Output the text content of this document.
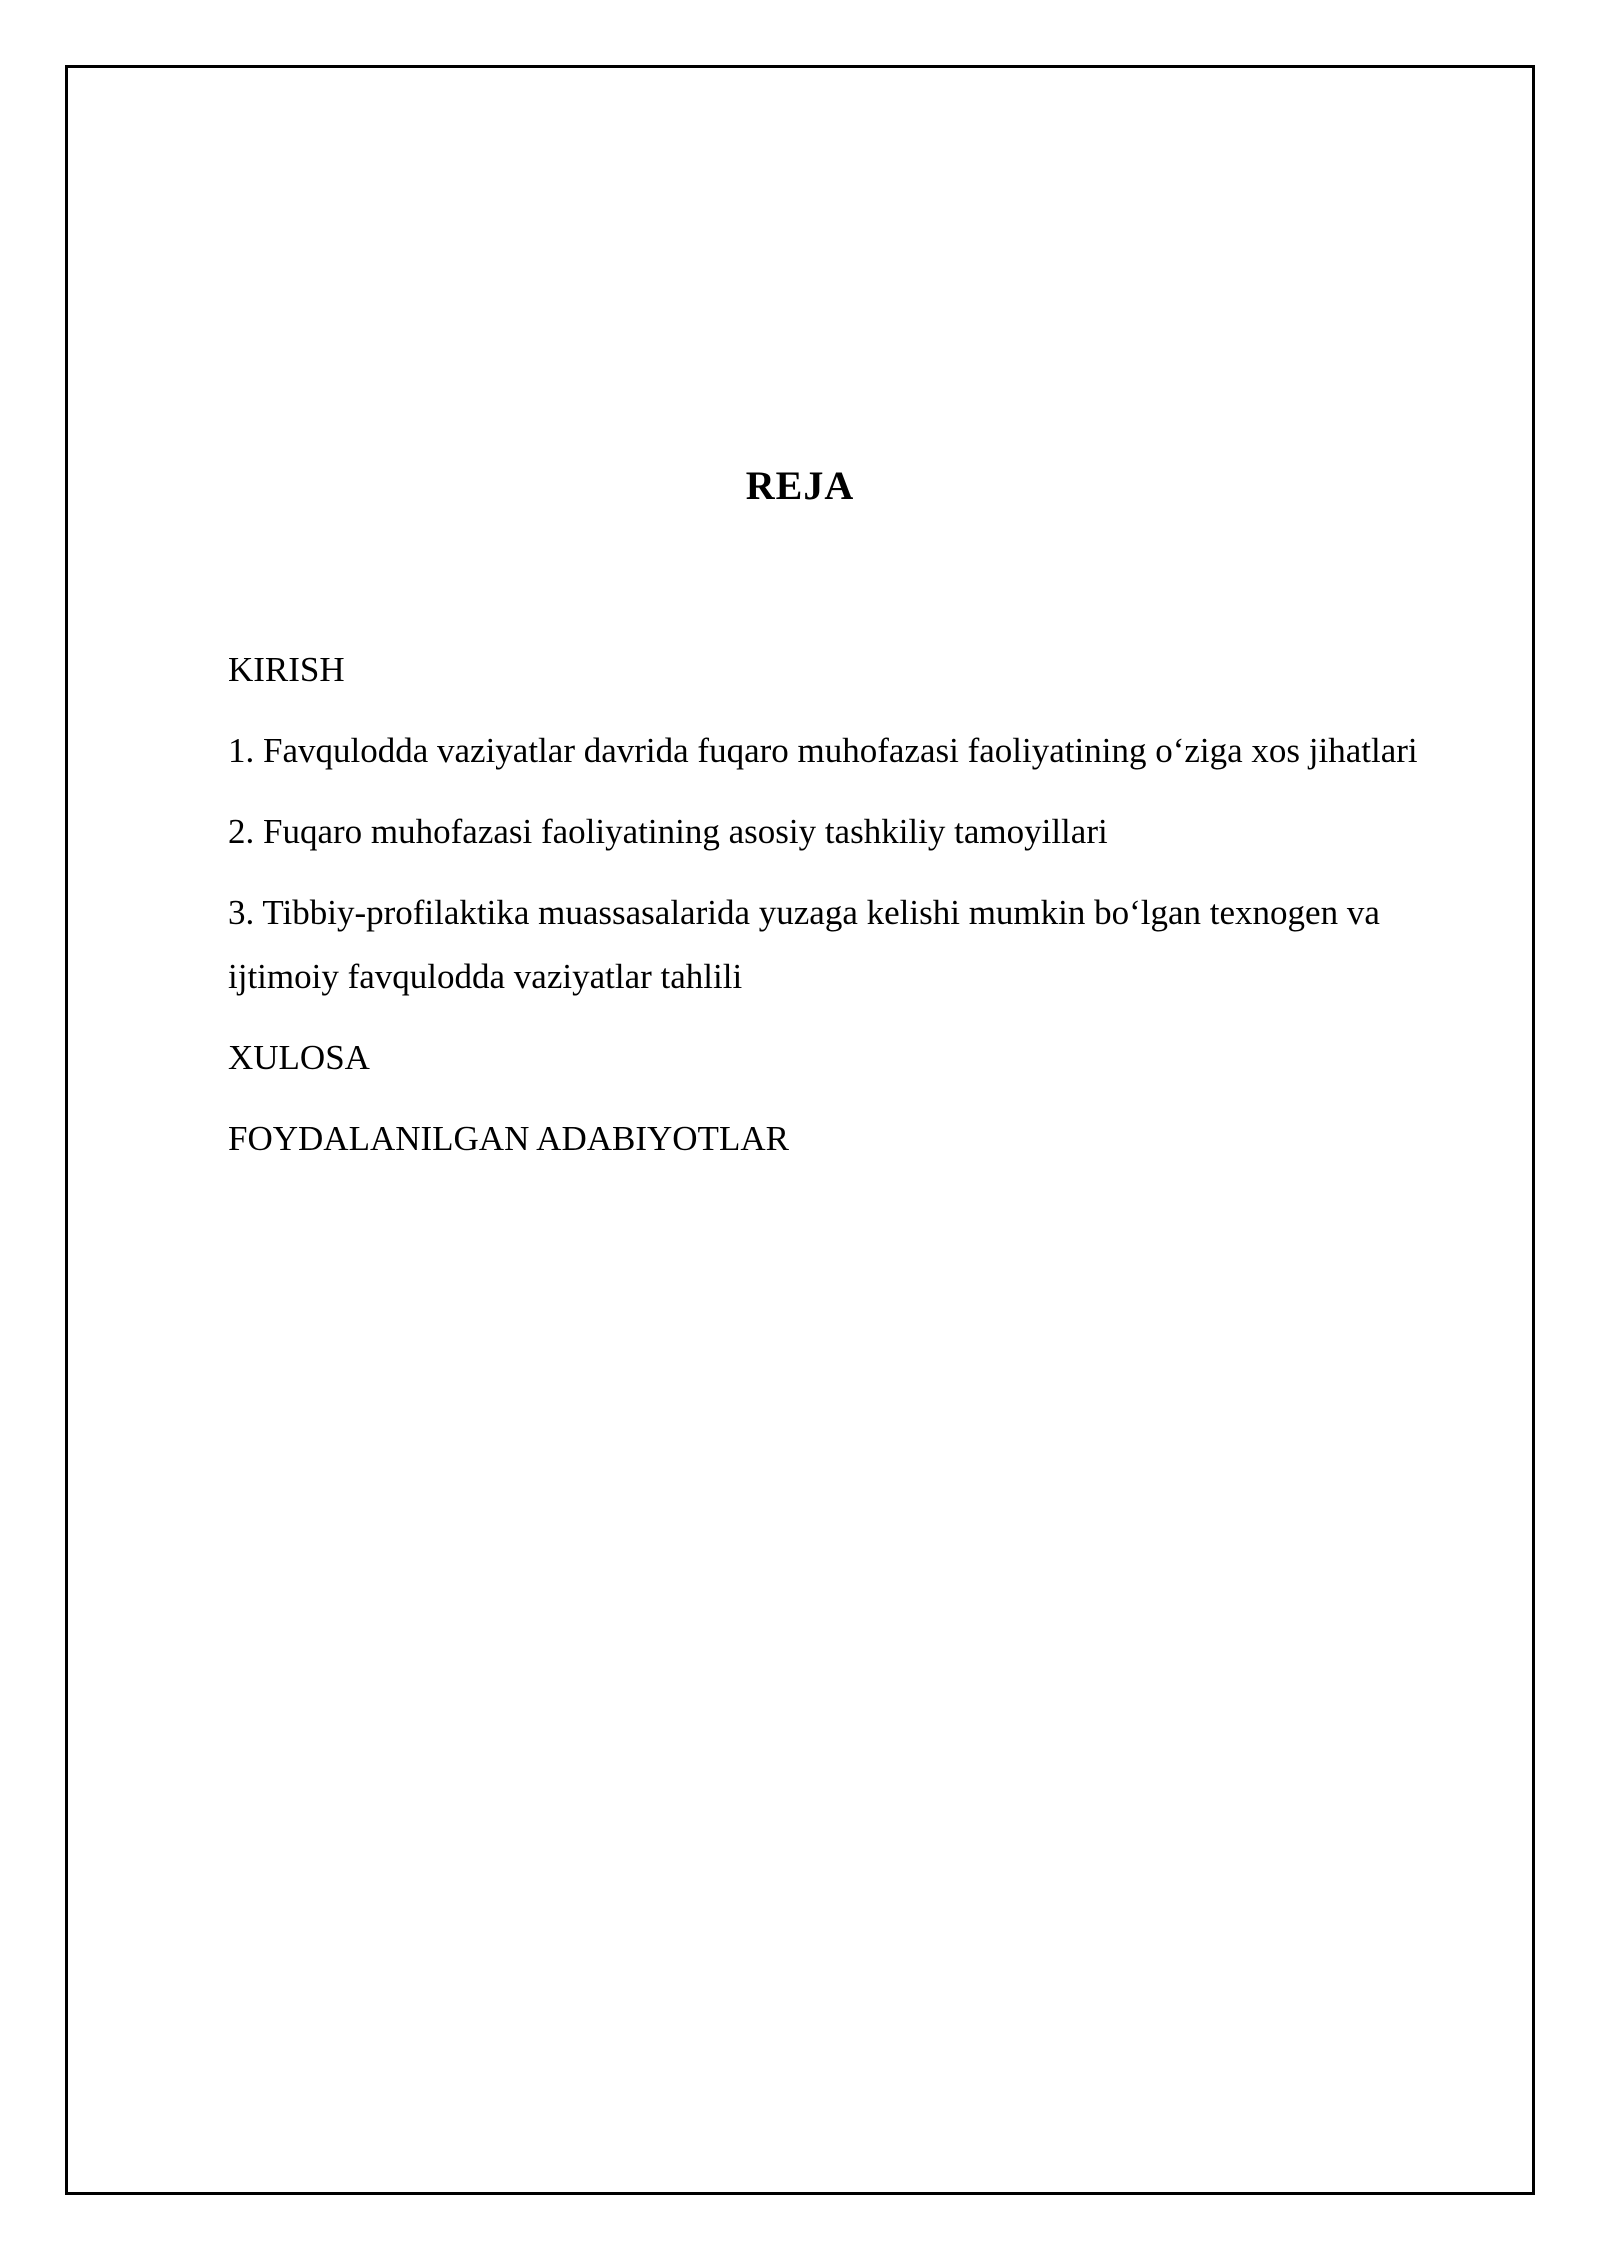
REJA
KIRISH
1. Favqulodda vaziyatlar davrida fuqaro muhofazasi faoliyatining o‘ziga xos jihatlari
2. Fuqaro muhofazasi faoliyatining asosiy tashkiliy tamoyillari
3. Tibbiy-profilaktika muassasalarida yuzaga kelishi mumkin bo‘lgan texnogen va ijtimoiy favqulodda vaziyatlar tahlili
XULOSA
FOYDALANILGAN ADABIYOTLAR
